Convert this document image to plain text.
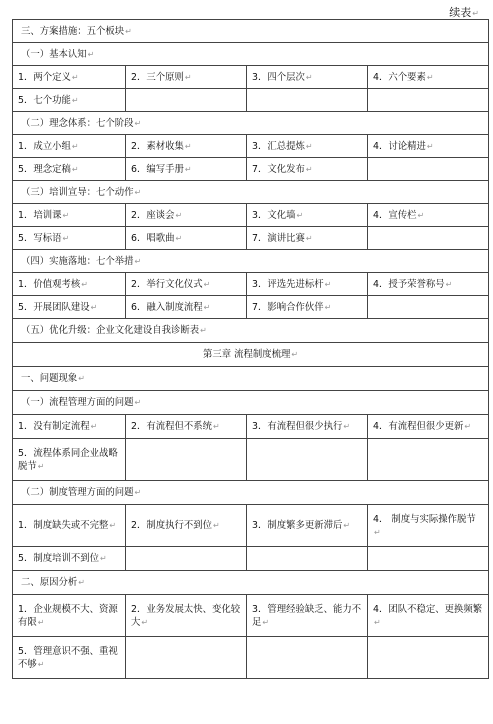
续表↵
三、方案措施：五个板块↵			
（一）基本认知↵			
1．两个定义↵	2．三个原则↵	3．四个层次↵	4．六个要素↵
5．七个功能↵			
（二）理念体系：七个阶段↵			
1．成立小组↵	2．素材收集↵	3．汇总提炼↵	4．讨论精进↵
5．理念定稿↵	6．编写手册↵	7．文化发布↵	
（三）培训宣导：七个动作↵			
1．培训课↵	2．座谈会↵	3．文化墙↵	4．宣传栏↵
5．写标语↵	6．唱歌曲↵	7．演讲比赛↵	
（四）实施落地：七个举措↵			
1．价值观考核↵	2．举行文化仪式↵	3．评选先进标杆↵	4．授予荣誉称号↵
5．开展团队建设↵	6．融入制度流程↵	7．影响合作伙伴↵	
（五）优化升级：企业文化建设自我诊断表↵			
第三章 流程制度梳理↵			
一、问题现象↵			
（一）流程管理方面的问题↵			
1．没有制定流程↵	2．有流程但不系统↵	3．有流程但很少执行↵	4．有流程但很少更新↵
5．流程体系同企业战略脱节↵			
（二）制度管理方面的问题↵			
1．制度缺失或不完整↵	2．制度执行不到位↵	3．制度繁多更新滞后↵	4． 制度与实际操作脱节↵
5．制度培训不到位↵			
二、原因分析↵			
1．企业规模不大、资源有限↵	2．业务发展太快、变化较大↵	3．管理经验缺乏、能力不足↵	4．团队不稳定、更换频繁↵
5．管理意识不强、重视不够↵			
